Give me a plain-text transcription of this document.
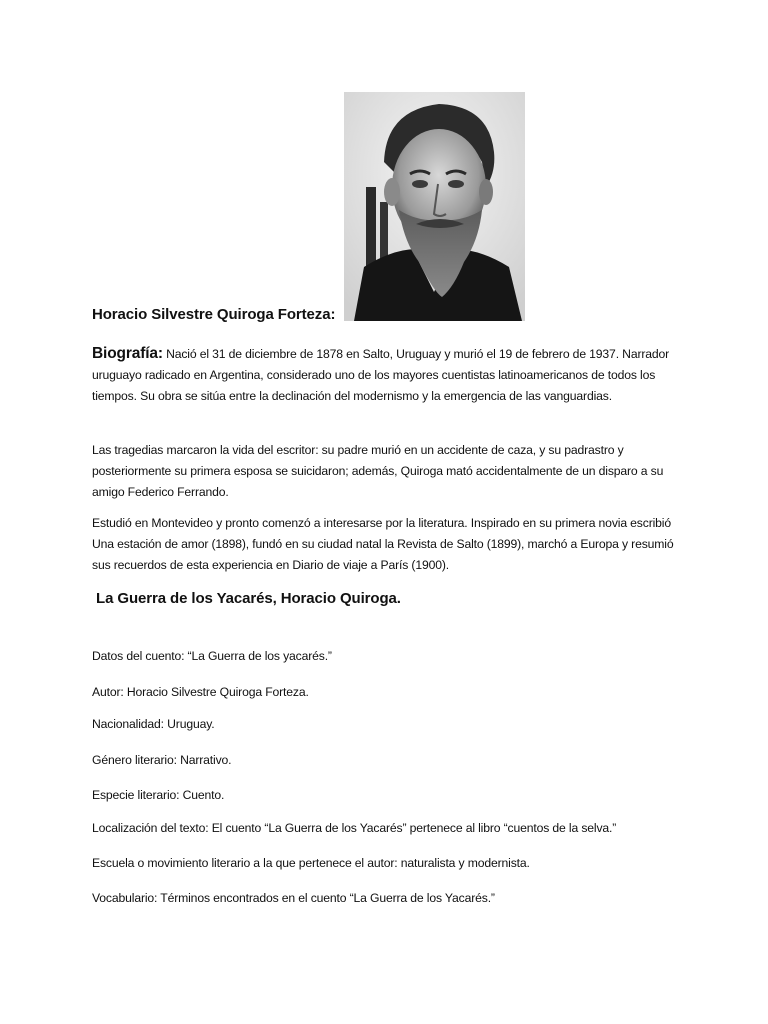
Horacio Silvestre Quiroga Forteza:
Biografía: Nació el 31 de diciembre de 1878 en Salto, Uruguay y murió el 19 de febrero de 1937. Narrador uruguayo radicado en Argentina, considerado uno de los mayores cuentistas latinoamericanos de todos los tiempos. Su obra se sitúa entre la declinación del modernismo y la emergencia de las vanguardias.
Las tragedias marcaron la vida del escritor: su padre murió en un accidente de caza, y su padrastro y posteriormente su primera esposa se suicidaron; además, Quiroga mató accidentalmente de un disparo a su amigo Federico Ferrando.
Estudió en Montevideo y pronto comenzó a interesarse por la literatura. Inspirado en su primera novia escribió Una estación de amor (1898), fundó en su ciudad natal la Revista de Salto (1899), marchó a Europa y resumió sus recuerdos de esta experiencia en Diario de viaje a París (1900).
La Guerra de los Yacarés, Horacio Quiroga.
Datos del cuento: “La Guerra de los yacarés.”
Autor: Horacio Silvestre Quiroga Forteza.
Nacionalidad: Uruguay.
Género literario: Narrativo.
Especie literario: Cuento.
Localización del texto: El cuento “La Guerra de los Yacarés” pertenece al libro “cuentos de la selva.”
Escuela o movimiento literario a la que pertenece el autor: naturalista y modernista.
Vocabulario: Términos encontrados en el cuento “La Guerra de los Yacarés.”
